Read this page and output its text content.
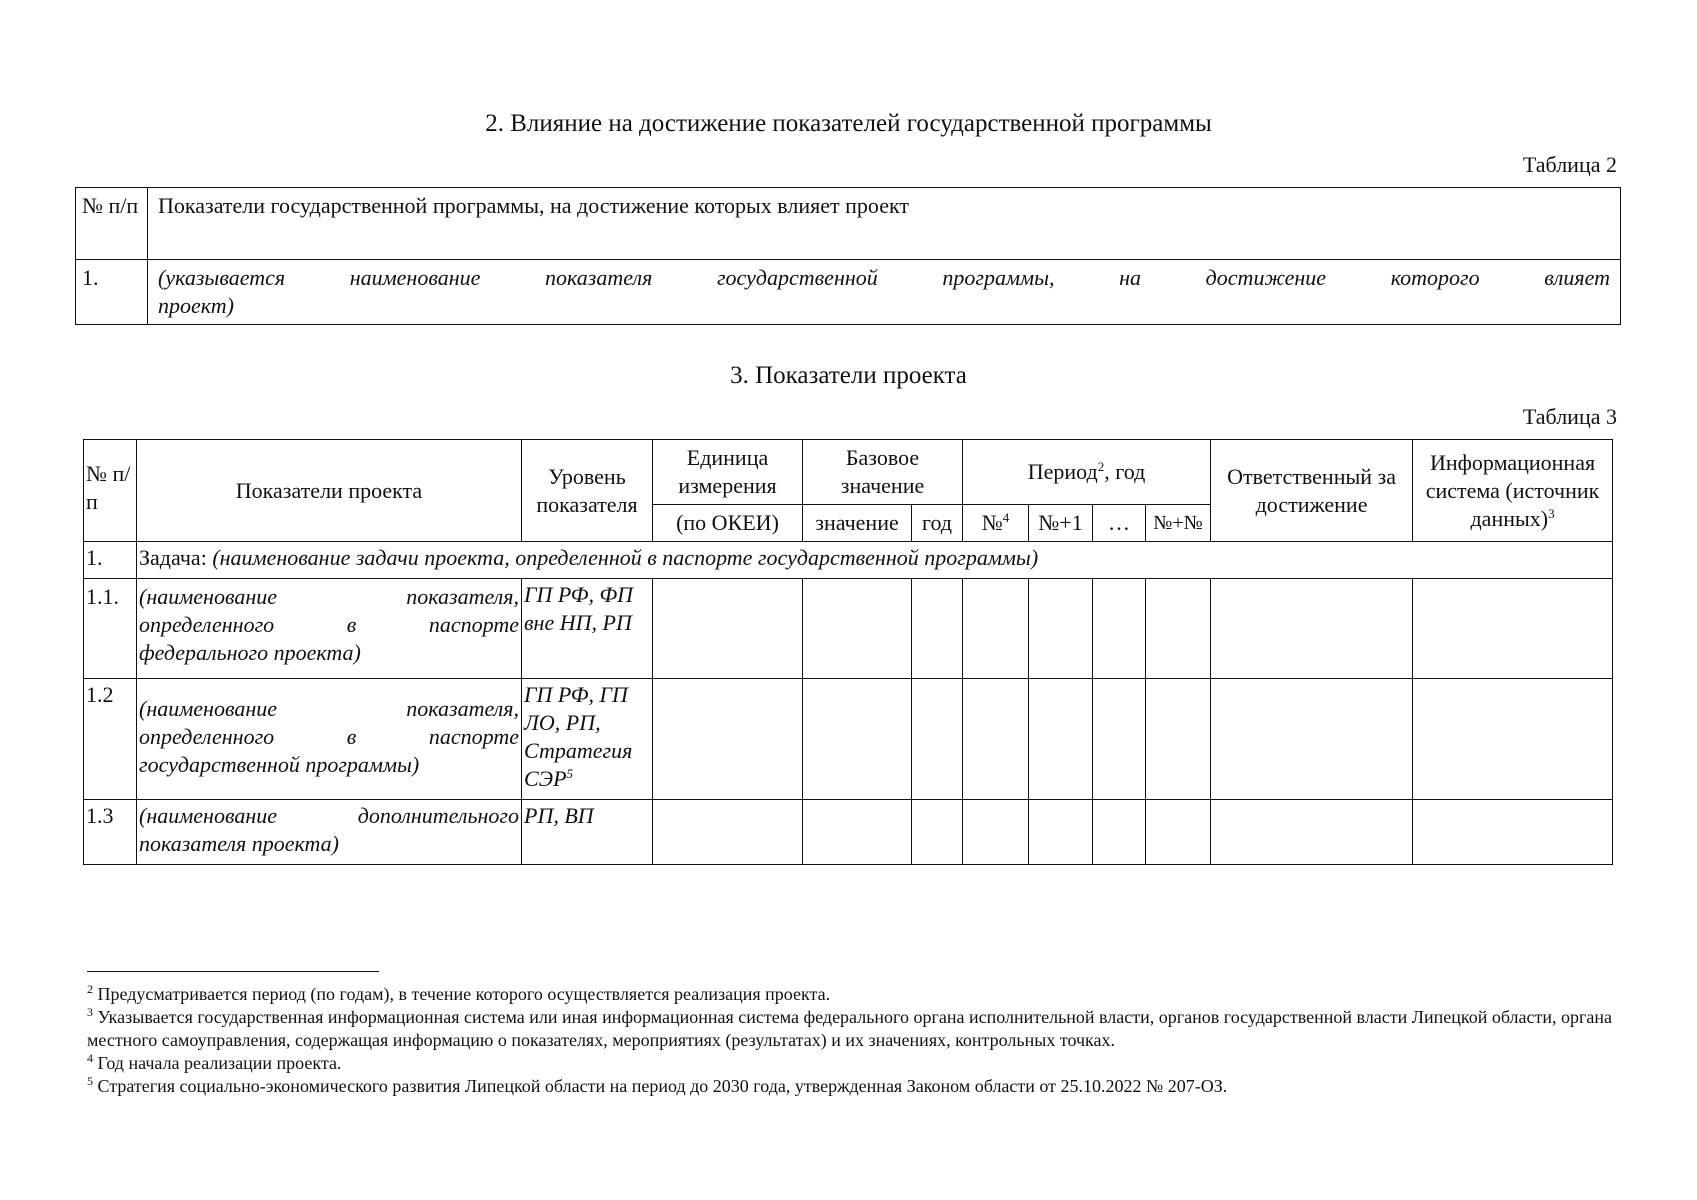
2. Влияние на достижение показателей государственной программы
Таблица 2
№ п/п	Показатели государственной программы, на достижение которых влияет проект
1.	(указывается наименование показателя государственной программы, на достижение которого влияет
проект)
3. Показатели проекта
Таблица 3
№ п/п	Показатели проекта	Уровень показателя	Единица измерения	Базовое значение		Период$^2$, год				Ответственный за достижение	Информационная система (источник данных)$^3$
			(по ОКЕИ)	значение	год	№$^4$	№+1	…	№+№		
1.	Задача: (наименование задачи проекта, определенной в паспорте государственной программы)										
1.1.	(наименование показателя, определенного в паспорте
федерального проекта)	ГП РФ, ФП вне НП, РП									
1.2	(наименование показателя, определенного в паспорте
государственной программы)	ГП РФ, ГП ЛО, РП, Стратегия СЭР$^5$									
1.3	(наименование дополнительного
показателя проекта)	РП, ВП									
$^2$ Предусматривается период (по годам), в течение которого осуществляется реализация проекта.
$^3$ Указывается государственная информационная система или иная информационная система федерального органа исполнительной власти, органов государственной власти Липецкой области, органа местного самоуправления, содержащая информацию о показателях, мероприятиях (результатах) и их значениях, контрольных точках.
$^4$ Год начала реализации проекта.
$^5$ Стратегия социально-экономического развития Липецкой области на период до 2030 года, утвержденная Законом области от 25.10.2022 № 207-ОЗ.
